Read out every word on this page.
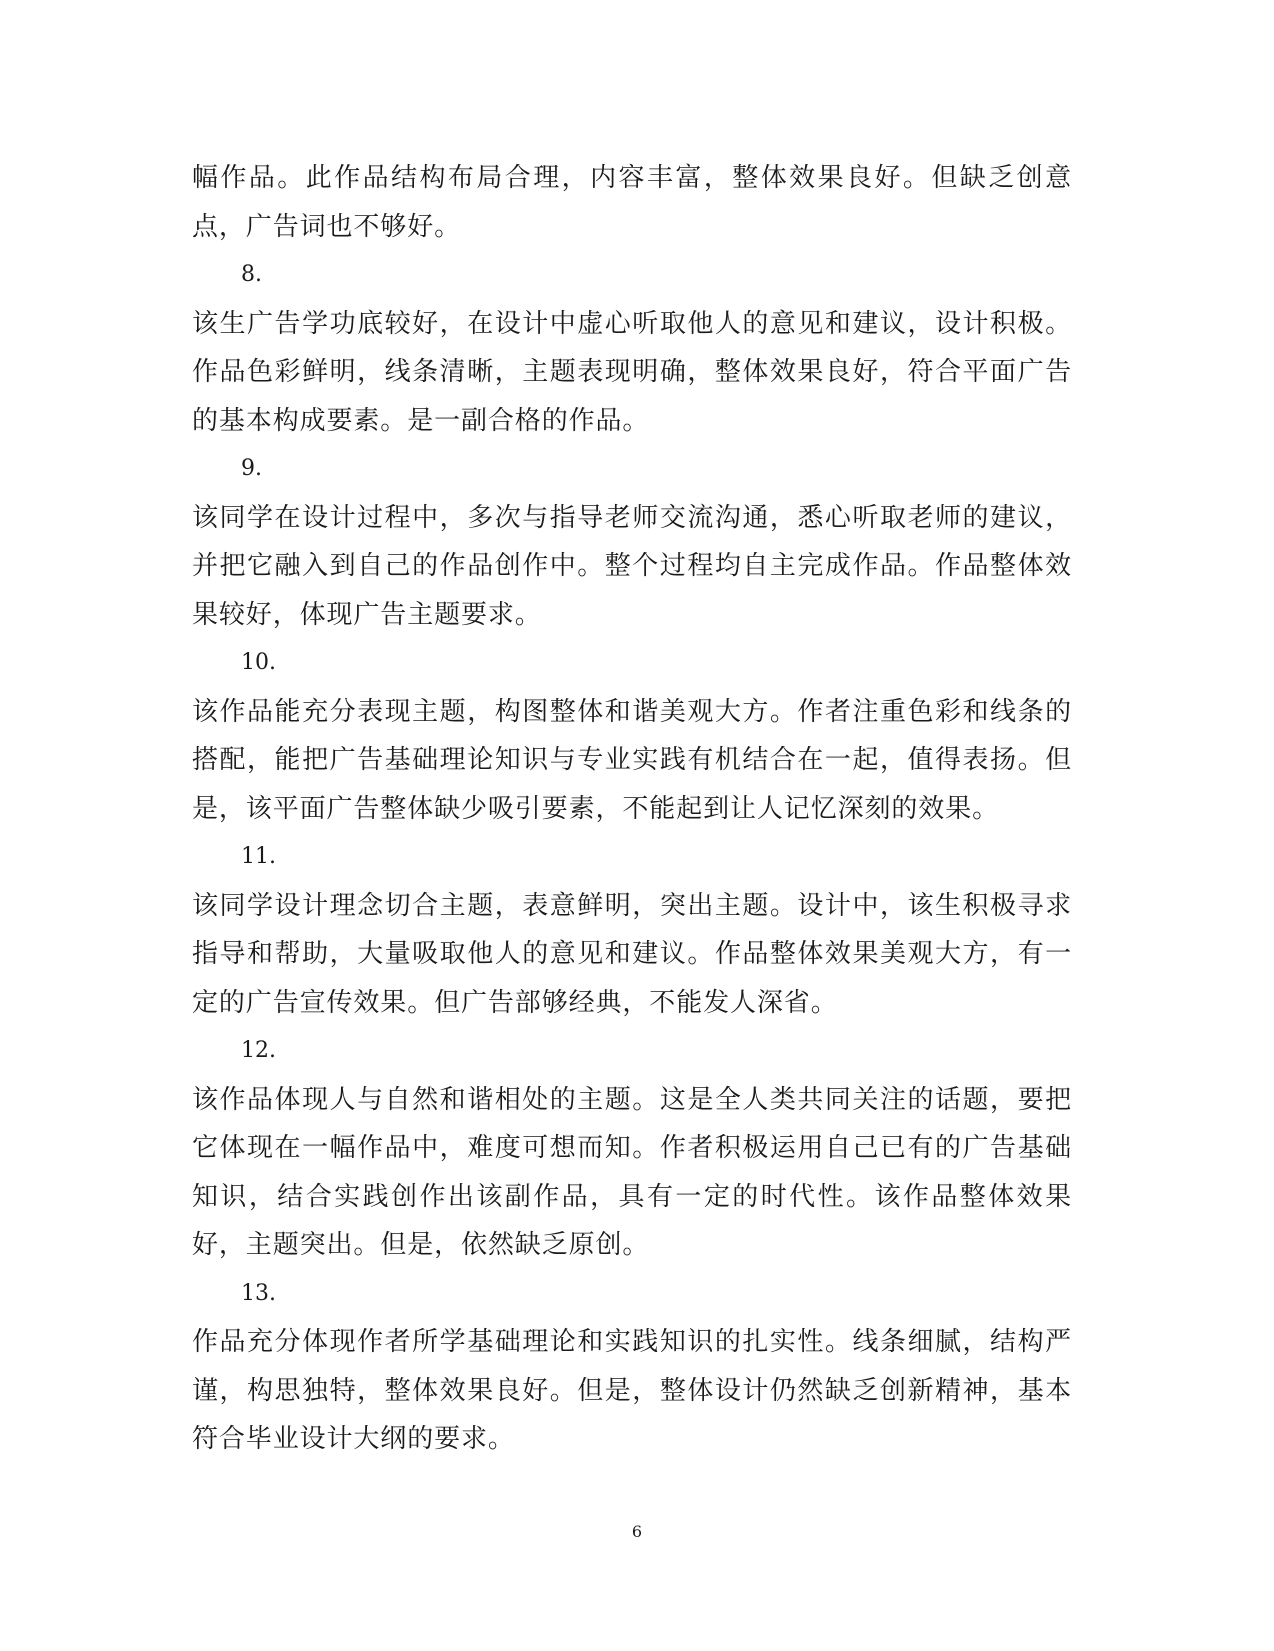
幅作品。此作品结构布局合理，内容丰富，整体效果良好。但缺乏创意点，广告词也不够好。

8.

该生广告学功底较好，在设计中虚心听取他人的意见和建议，设计积极。作品色彩鲜明，线条清晰，主题表现明确，整体效果良好，符合平面广告的基本构成要素。是一副合格的作品。

9.

该同学在设计过程中，多次与指导老师交流沟通，悉心听取老师的建议，并把它融入到自己的作品创作中。整个过程均自主完成作品。作品整体效果较好，体现广告主题要求。

10.

该作品能充分表现主题，构图整体和谐美观大方。作者注重色彩和线条的搭配，能把广告基础理论知识与专业实践有机结合在一起，值得表扬。但是，该平面广告整体缺少吸引要素，不能起到让人记忆深刻的效果。

11.

该同学设计理念切合主题，表意鲜明，突出主题。设计中，该生积极寻求指导和帮助，大量吸取他人的意见和建议。作品整体效果美观大方，有一定的广告宣传效果。但广告部够经典，不能发人深省。

12.

该作品体现人与自然和谐相处的主题。这是全人类共同关注的话题，要把它体现在一幅作品中，难度可想而知。作者积极运用自己已有的广告基础知识，结合实践创作出该副作品，具有一定的时代性。该作品整体效果好，主题突出。但是，依然缺乏原创。

13.

作品充分体现作者所学基础理论和实践知识的扎实性。线条细腻，结构严谨，构思独特，整体效果良好。但是，整体设计仍然缺乏创新精神，基本符合毕业设计大纲的要求。

6
